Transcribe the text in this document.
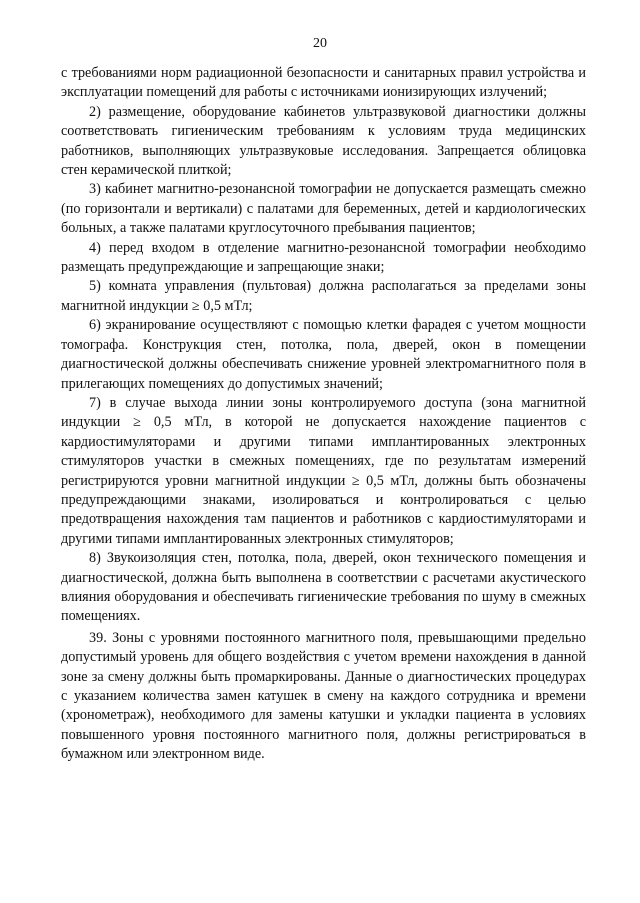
20

с требованиями норм радиационной безопасности и санитарных правил устройства и эксплуатации помещений для работы с источниками ионизирующих излучений;

2) размещение, оборудование кабинетов ультразвуковой диагностики должны соответствовать гигиеническим требованиям к условиям труда медицинских работников, выполняющих ультразвуковые исследования. Запрещается облицовка стен керамической плиткой;

3) кабинет магнитно-резонансной томографии не допускается размещать смежно (по горизонтали и вертикали) с палатами для беременных, детей и кардиологических больных, а также палатами круглосуточного пребывания пациентов;

4) перед входом в отделение магнитно-резонансной томографии необходимо размещать предупреждающие и запрещающие знаки;

5) комната управления (пультовая) должна располагаться за пределами зоны магнитной индукции ≥ 0,5 мТл;

6) экранирование осуществляют с помощью клетки фарадея с учетом мощности томографа. Конструкция стен, потолка, пола, дверей, окон в помещении диагностической должны обеспечивать снижение уровней электромагнитного поля в прилегающих помещениях до допустимых значений;

7) в случае выхода линии зоны контролируемого доступа (зона магнитной индукции ≥ 0,5 мТл, в которой не допускается нахождение пациентов с кардиостимуляторами и другими типами имплантированных электронных стимуляторов участки в смежных помещениях, где по результатам измерений регистрируются уровни магнитной индукции ≥ 0,5 мТл, должны быть обозначены предупреждающими знаками, изолироваться и контролироваться с целью предотвращения нахождения там пациентов и работников с кардиостимуляторами и другими типами имплантированных электронных стимуляторов;

8) Звукоизоляция стен, потолка, пола, дверей, окон технического помещения и диагностической, должна быть выполнена в соответствии с расчетами акустического влияния оборудования и обеспечивать гигиенические требования по шуму в смежных помещениях.

39. Зоны с уровнями постоянного магнитного поля, превышающими предельно допустимый уровень для общего воздействия с учетом времени нахождения в данной зоне за смену должны быть промаркированы. Данные о диагностических процедурах с указанием количества замен катушек в смену на каждого сотрудника и времени (хронометраж), необходимого для замены катушки и укладки пациента в условиях повышенного уровня постоянного магнитного поля, должны регистрироваться в бумажном или электронном виде.
